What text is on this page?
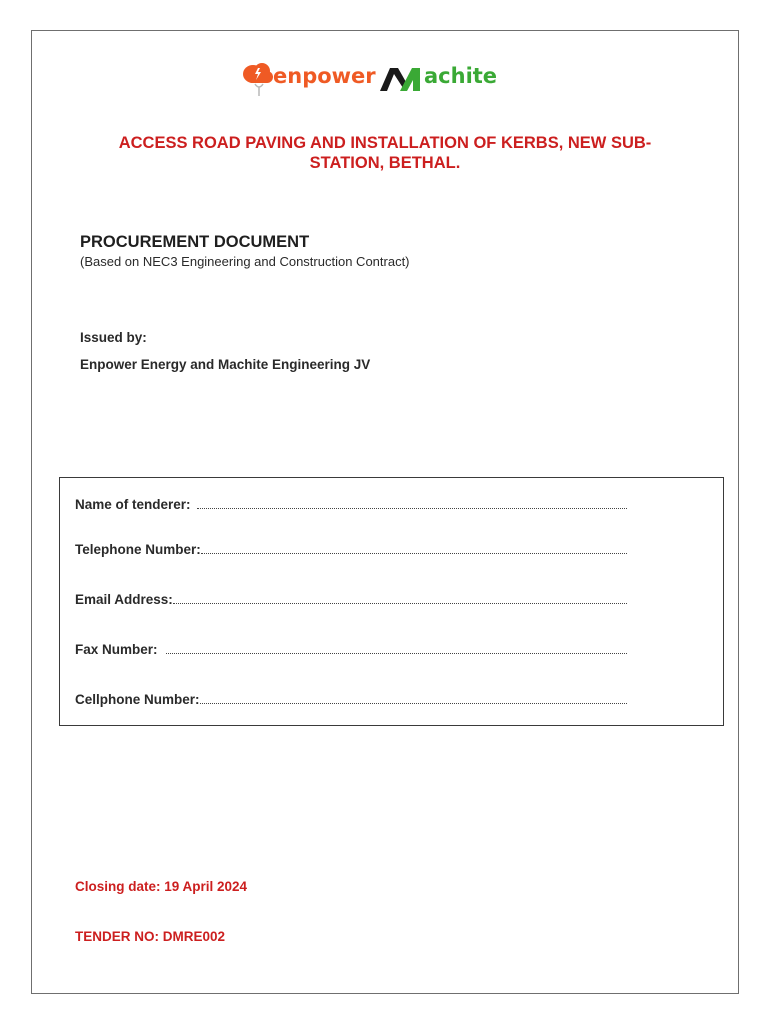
enpower achite
ACCESS ROAD PAVING AND INSTALLATION OF KERBS, NEW SUB-
STATION, BETHAL.

PROCUREMENT DOCUMENT

(Based on NEC3 Engineering and Construction Contract)

Issued by:

Enpower Energy and Machite Engineering JV

Name of tenderer:
Telephone Number:
Email Address:
Fax Number:
Cellphone Number:

Closing date: 19 April 2024

TENDER NO: DMRE002
